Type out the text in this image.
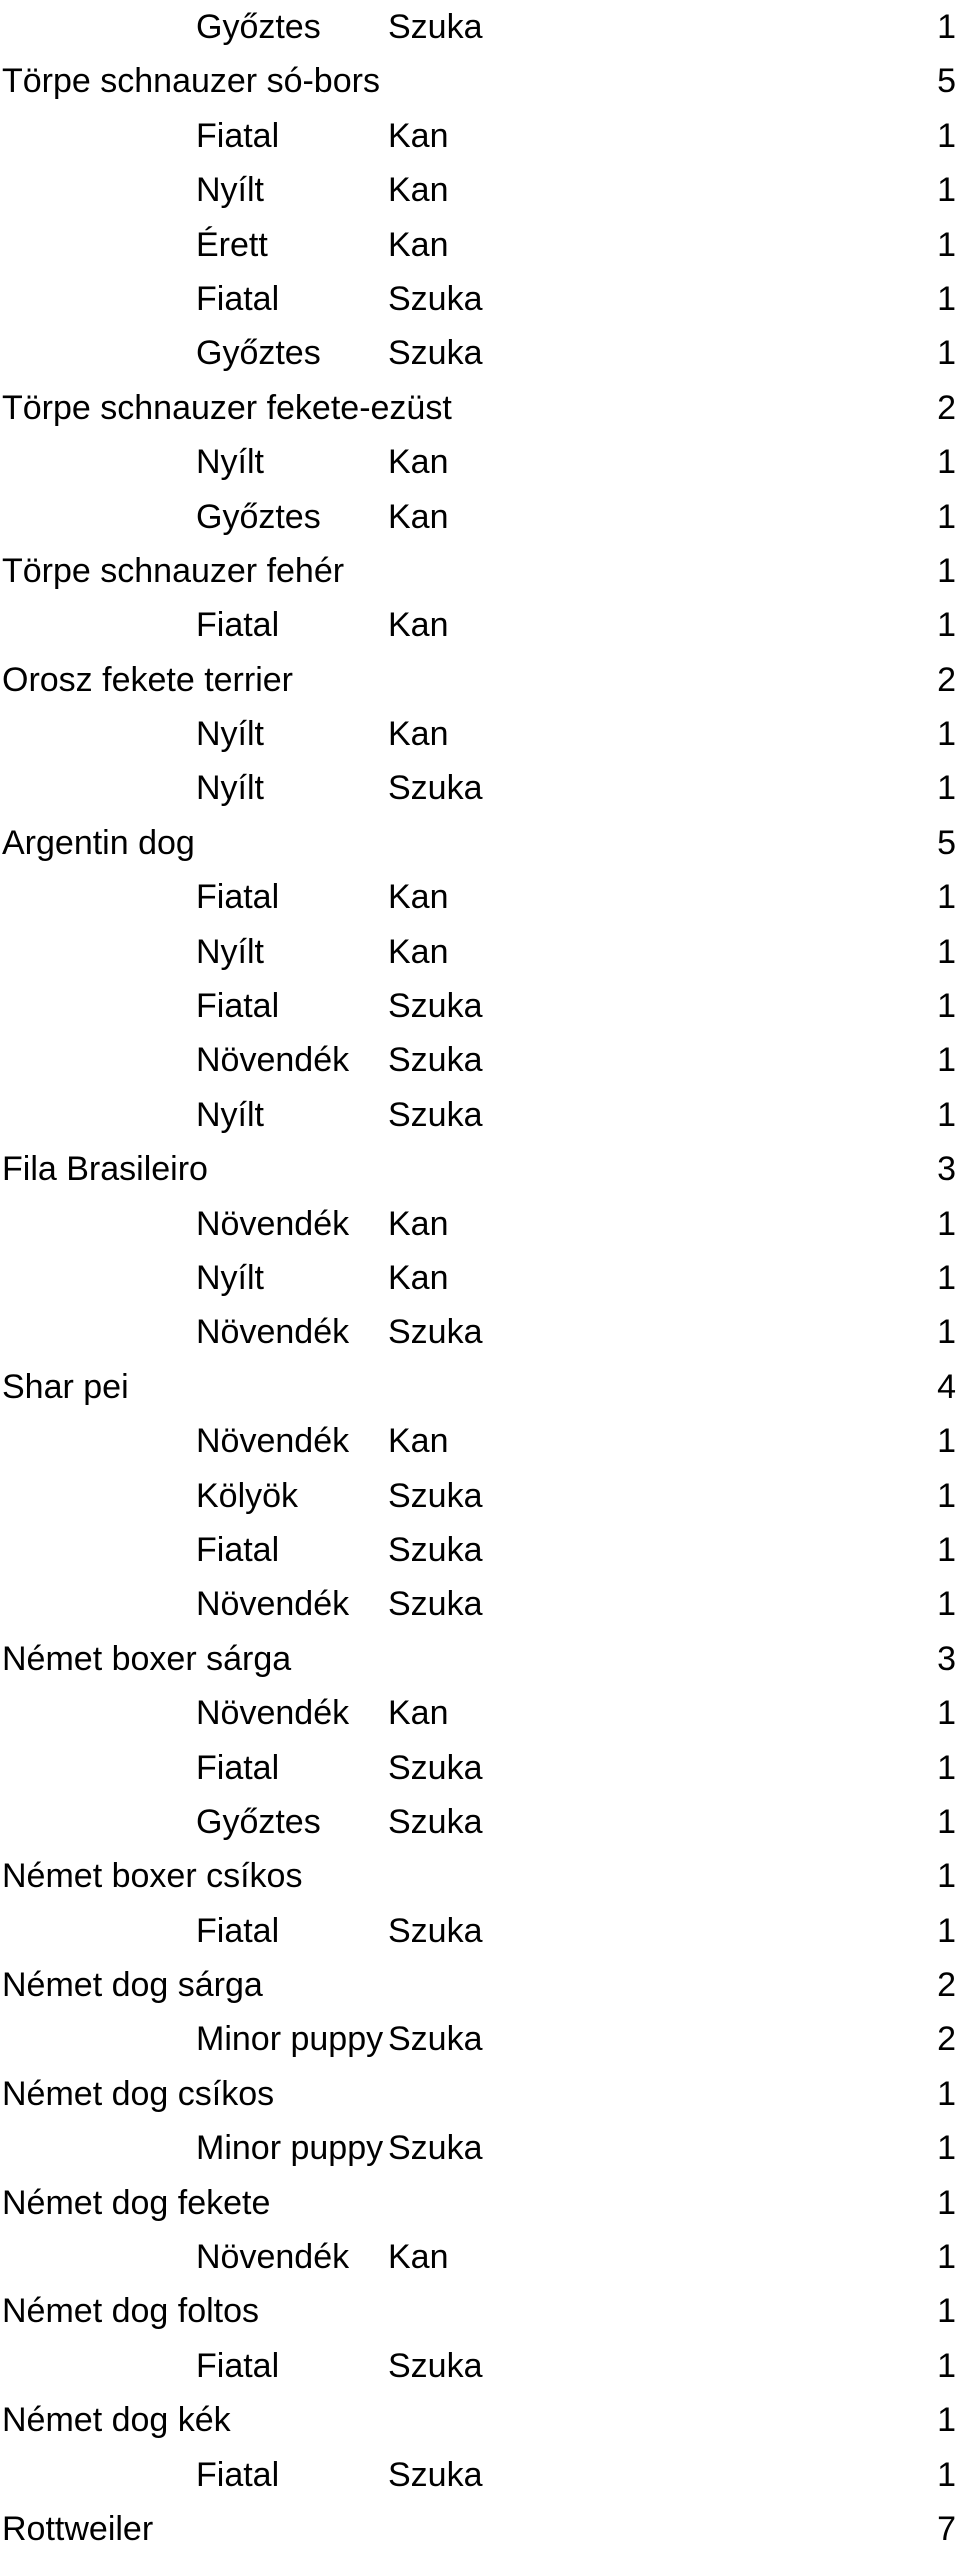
Győztes	Szuka	1
Törpe schnauzer só-bors	5
Fiatal	Kan	1
Nyílt	Kan	1
Érett	Kan	1
Fiatal	Szuka	1
Győztes	Szuka	1
Törpe schnauzer fekete-ezüst	2
Nyílt	Kan	1
Győztes	Kan	1
Törpe schnauzer fehér	1
Fiatal	Kan	1
Orosz fekete terrier	2
Nyílt	Kan	1
Nyílt	Szuka	1
Argentin dog	5
Fiatal	Kan	1
Nyílt	Kan	1
Fiatal	Szuka	1
Növendék	Szuka	1
Nyílt	Szuka	1
Fila Brasileiro	3
Növendék	Kan	1
Nyílt	Kan	1
Növendék	Szuka	1
Shar pei	4
Növendék	Kan	1
Kölyök	Szuka	1
Fiatal	Szuka	1
Növendék	Szuka	1
Német boxer sárga	3
Növendék	Kan	1
Fiatal	Szuka	1
Győztes	Szuka	1
Német boxer csíkos	1
Fiatal	Szuka	1
Német dog sárga	2
Minor puppy Szuka	2
Német dog csíkos	1
Minor puppy Szuka	1
Német dog fekete	1
Növendék	Kan	1
Német dog foltos	1
Fiatal	Szuka	1
Német dog kék	1
Fiatal	Szuka	1
Rottweiler	7
